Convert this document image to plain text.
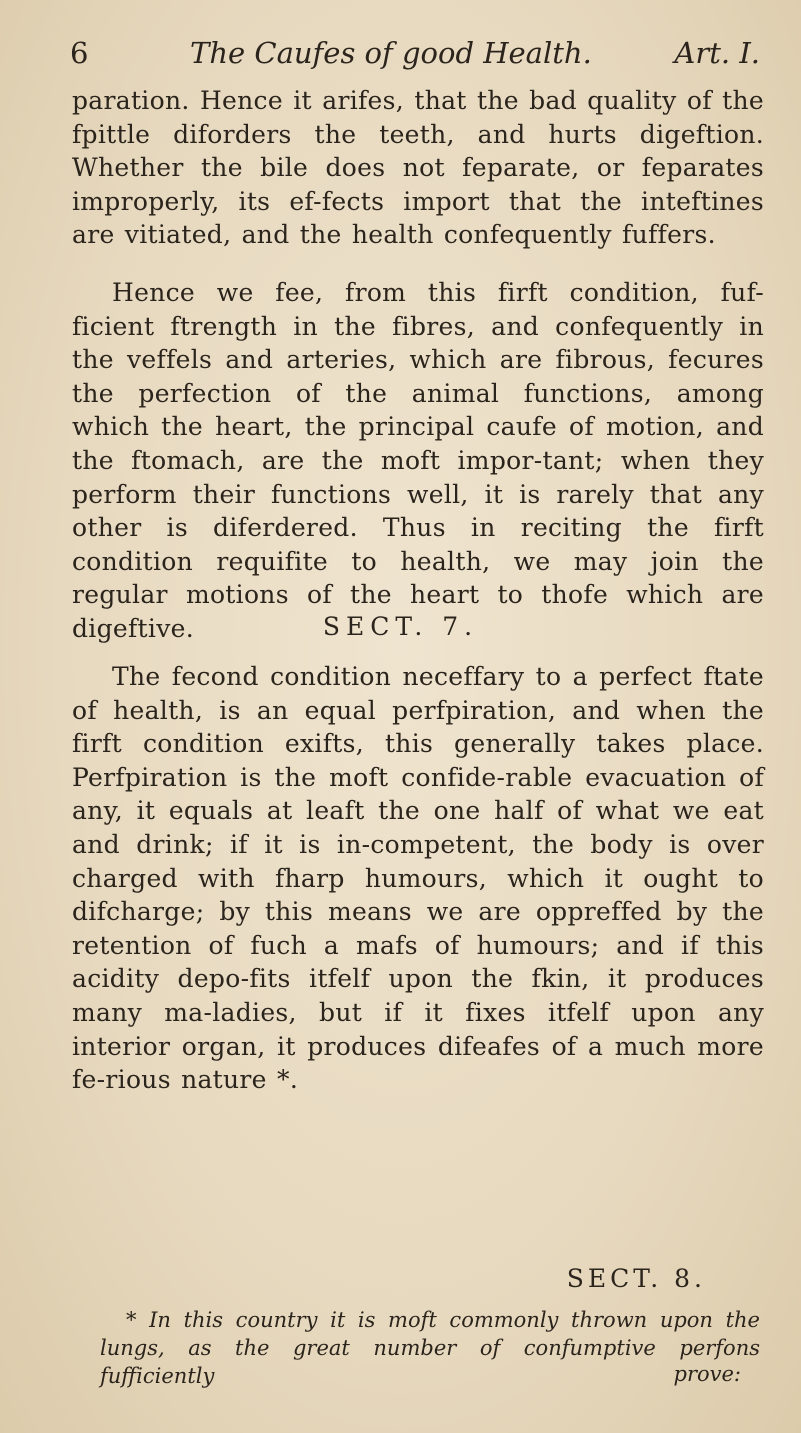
6	The Caufes of good Health.	Art. I.
paration. Hence it arifes, that the bad quality of the fpittle diforders the teeth, and hurts digeftion. Whether the bile does not feparate, or feparates improperly, its ef-fects import that the inteftines are vitiated, and the health confequently fuffers.
Hence we fee, from this firft condition, fuf-ficient ftrength in the fibres, and confequently in the veffels and arteries, which are fibrous, fecures the perfection of the animal functions, among which the heart, the principal caufe of motion, and the ftomach, are the moft impor-tant; when they perform their functions well, it is rarely that any other is diferdered. Thus in reciting the firft condition requifite to health, we may join the regular motions of the heart to thofe which are digeftive.	SECT. 7.
The fecond condition neceffary to a perfect ftate of health, is an equal perfpiration, and when the firft condition exifts, this generally takes place. Perfpiration is the moft confide-rable evacuation of any, it equals at leaft the one half of what we eat and drink; if it is in-competent, the body is over charged with fharp humours, which it ought to difcharge; by this means we are oppreffed by the retention of fuch a mafs of humours; and if this acidity depo-fits itfelf upon the fkin, it produces many ma-ladies, but if it fixes itfelf upon any interior organ, it produces difeafes of a much more fe-rious nature *.
SECT. 8.
* In this country it is moft commonly thrown upon the lungs, as the great number of confumptive perfons fufficiently	prove:
